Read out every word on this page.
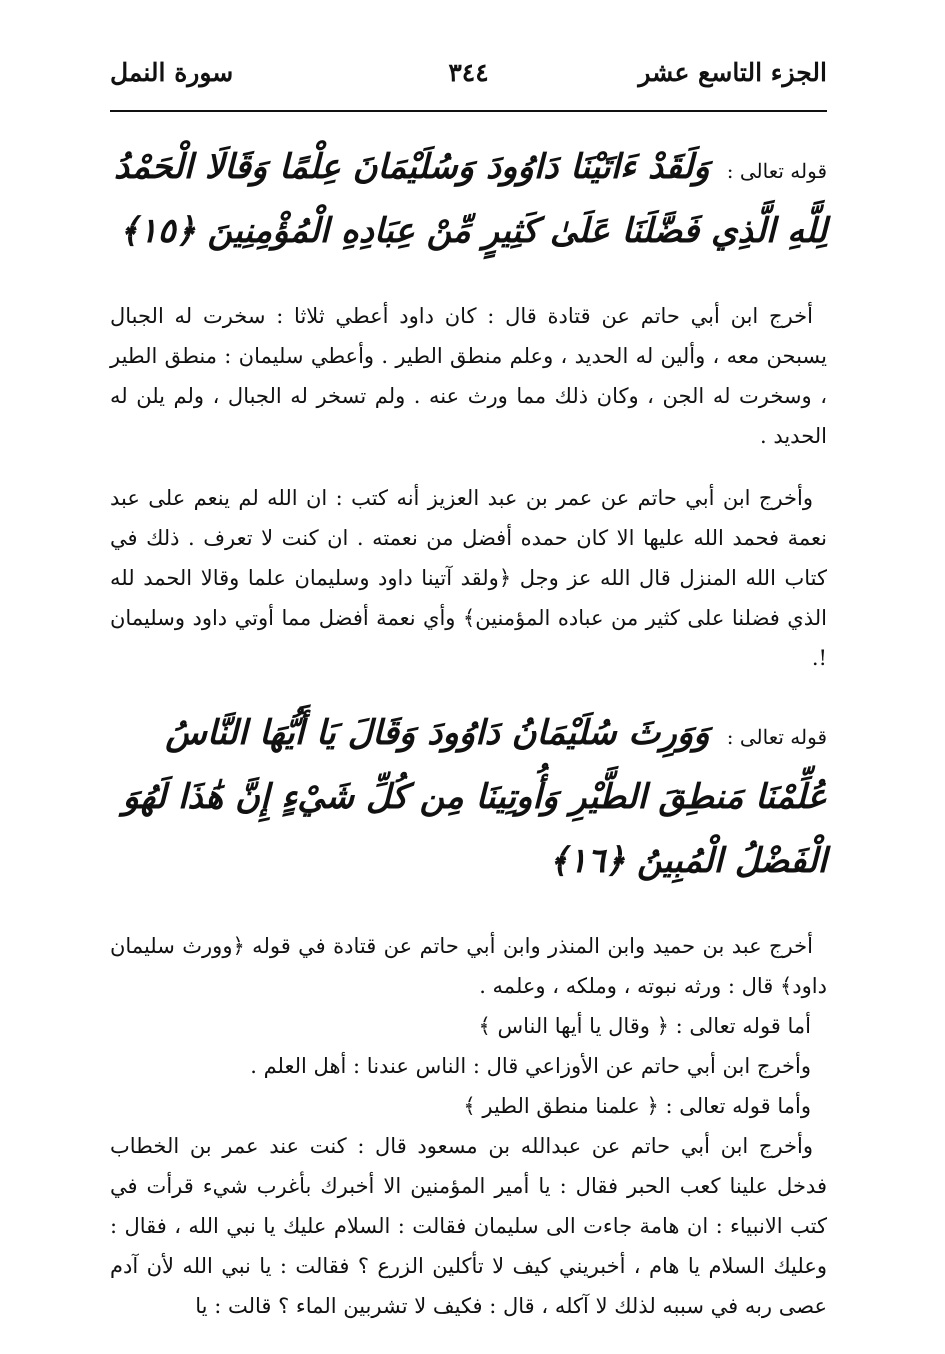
الجزء التاسع عشر
٣٤٤
سورة النمل
قوله تعالى : وَلَقَدْ ءَاتَيْنَا دَاوُودَ وَسُلَيْمَانَ عِلْمًا وَقَالَا الْحَمْدُ لِلَّهِ الَّذِي فَضَّلَنَا عَلَىٰ كَثِيرٍ مِّنْ عِبَادِهِ الْمُؤْمِنِينَ ﴿١٥﴾

أخرج ابن أبي حاتم عن قتادة قال : كان داود أعطي ثلاثا : سخرت له الجبال يسبحن معه ، وألين له الحديد ، وعلم منطق الطير . وأعطي سليمان : منطق الطير ، وسخرت له الجن ، وكان ذلك مما ورث عنه . ولم تسخر له الجبال ، ولم يلن له الحديد .

وأخرج ابن أبي حاتم عن عمر بن عبد العزيز أنه كتب : ان الله لم ينعم على عبد نعمة فحمد الله عليها الا كان حمده أفضل من نعمته . ان كنت لا تعرف . ذلك في كتاب الله المنزل قال الله عز وجل ﴿ولقد آتينا داود وسليمان علما وقالا الحمد لله الذي فضلنا على كثير من عباده المؤمنين﴾ وأي نعمة أفضل مما أوتي داود وسليمان !.

قوله تعالى : وَوَرِثَ سُلَيْمَانُ دَاوُودَ وَقَالَ يَا أَيُّهَا النَّاسُ عُلِّمْنَا مَنطِقَ الطَّيْرِ وَأُوتِينَا مِن كُلِّ شَيْءٍ إِنَّ هَٰذَا لَهُوَ الْفَضْلُ الْمُبِينُ ﴿١٦﴾

أخرج عبد بن حميد وابن المنذر وابن أبي حاتم عن قتادة في قوله ﴿وورث سليمان داود﴾ قال : ورثه نبوته ، وملكه ، وعلمه .

أما قوله تعالى : ﴿ وقال يا أيها الناس ﴾
وأخرج ابن أبي حاتم عن الأوزاعي قال : الناس عندنا : أهل العلم .
وأما قوله تعالى : ﴿ علمنا منطق الطير ﴾

وأخرج ابن أبي حاتم عن عبدالله بن مسعود قال : كنت عند عمر بن الخطاب فدخل علينا كعب الحبر فقال : يا أمير المؤمنين الا أخبرك بأغرب شيء قرأت في كتب الانبياء : ان هامة جاءت الى سليمان فقالت : السلام عليك يا نبي الله ، فقال : وعليك السلام يا هام ، أخبريني كيف لا تأكلين الزرع ؟ فقالت : يا نبي الله لأن آدم عصى ربه في سببه لذلك لا آكله ، قال : فكيف لا تشربين الماء ؟ قالت : يا
